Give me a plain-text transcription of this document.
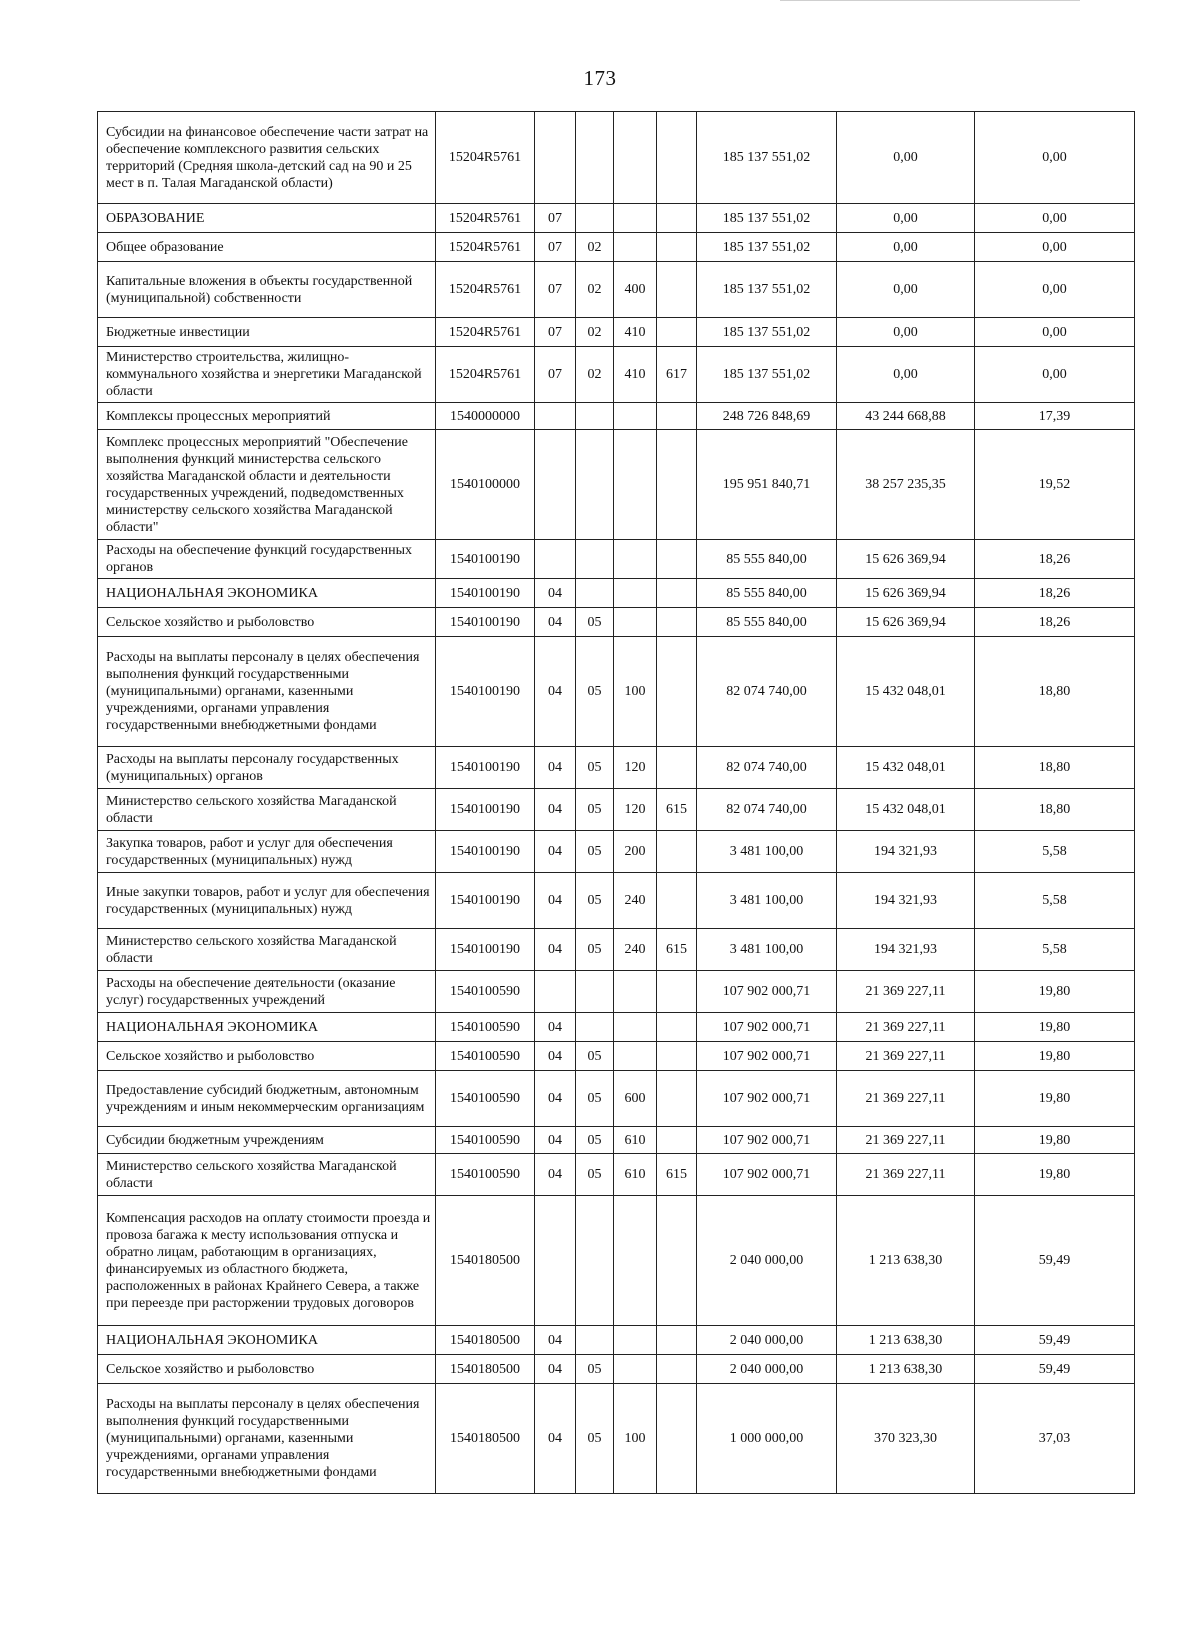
173
Субсидии на финансовое обеспечение части затрат на обеспечение комплексного развития сельских территорий (Средняя школа-детский сад на 90 и 25 мест в п. Талая Магаданской области)	15204R5761					185 137 551,02	0,00	0,00
ОБРАЗОВАНИЕ	15204R5761	07				185 137 551,02	0,00	0,00
Общее образование	15204R5761	07	02			185 137 551,02	0,00	0,00
Капитальные вложения в объекты государственной (муниципальной) собственности	15204R5761	07	02	400		185 137 551,02	0,00	0,00
Бюджетные инвестиции	15204R5761	07	02	410		185 137 551,02	0,00	0,00
Министерство строительства, жилищно-коммунального хозяйства и энергетики Магаданской области	15204R5761	07	02	410	617	185 137 551,02	0,00	0,00
Комплексы процессных мероприятий	1540000000					248 726 848,69	43 244 668,88	17,39
Комплекс процессных мероприятий "Обеспечение выполнения функций министерства сельского хозяйства Магаданской области и деятельности государственных учреждений, подведомственных министерству сельского хозяйства Магаданской области"	1540100000					195 951 840,71	38 257 235,35	19,52
Расходы на обеспечение функций государственных органов	1540100190					85 555 840,00	15 626 369,94	18,26
НАЦИОНАЛЬНАЯ ЭКОНОМИКА	1540100190	04				85 555 840,00	15 626 369,94	18,26
Сельское хозяйство и рыболовство	1540100190	04	05			85 555 840,00	15 626 369,94	18,26
Расходы на выплаты персоналу в целях обеспечения выполнения функций государственными (муниципальными) органами, казенными учреждениями, органами управления государственными внебюджетными фондами	1540100190	04	05	100		82 074 740,00	15 432 048,01	18,80
Расходы на выплаты персоналу государственных (муниципальных) органов	1540100190	04	05	120		82 074 740,00	15 432 048,01	18,80
Министерство сельского хозяйства Магаданской области	1540100190	04	05	120	615	82 074 740,00	15 432 048,01	18,80
Закупка товаров, работ и услуг для обеспечения государственных (муниципальных) нужд	1540100190	04	05	200		3 481 100,00	194 321,93	5,58
Иные закупки товаров, работ и услуг для обеспечения государственных (муниципальных) нужд	1540100190	04	05	240		3 481 100,00	194 321,93	5,58
Министерство сельского хозяйства Магаданской области	1540100190	04	05	240	615	3 481 100,00	194 321,93	5,58
Расходы на обеспечение деятельности (оказание услуг) государственных учреждений	1540100590					107 902 000,71	21 369 227,11	19,80
НАЦИОНАЛЬНАЯ ЭКОНОМИКА	1540100590	04				107 902 000,71	21 369 227,11	19,80
Сельское хозяйство и рыболовство	1540100590	04	05			107 902 000,71	21 369 227,11	19,80
Предоставление субсидий бюджетным, автономным учреждениям и иным некоммерческим организациям	1540100590	04	05	600		107 902 000,71	21 369 227,11	19,80
Субсидии бюджетным учреждениям	1540100590	04	05	610		107 902 000,71	21 369 227,11	19,80
Министерство сельского хозяйства Магаданской области	1540100590	04	05	610	615	107 902 000,71	21 369 227,11	19,80
Компенсация расходов на оплату стоимости проезда и провоза багажа к месту использования отпуска и обратно лицам, работающим в организациях, финансируемых из областного бюджета, расположенных в районах Крайнего Севера, а также при переезде при расторжении трудовых договоров	1540180500					2 040 000,00	1 213 638,30	59,49
НАЦИОНАЛЬНАЯ ЭКОНОМИКА	1540180500	04				2 040 000,00	1 213 638,30	59,49
Сельское хозяйство и рыболовство	1540180500	04	05			2 040 000,00	1 213 638,30	59,49
Расходы на выплаты персоналу в целях обеспечения выполнения функций государственными (муниципальными) органами, казенными учреждениями, органами управления государственными внебюджетными фондами	1540180500	04	05	100		1 000 000,00	370 323,30	37,03
